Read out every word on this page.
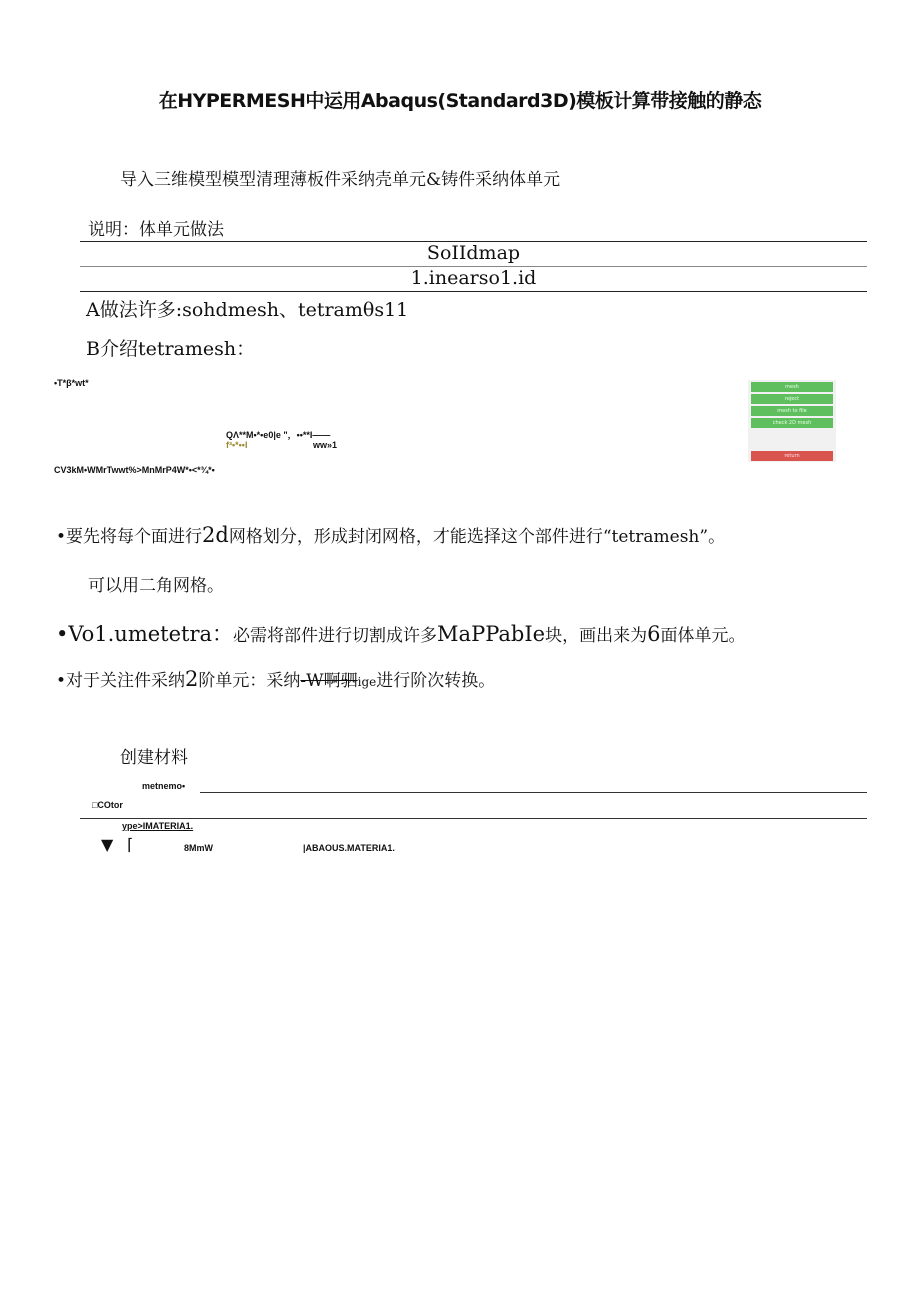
在HYPERMESH中运用Abaqus(Standard3D)模板计算带接触的静态
导入三维模型模型清理薄板件采纳壳单元&铸件采纳体单元
说明：体单元做法
SoIIdmap
1.inearso1.id
A做法许多:sohdmesh、tetramθs11
B介绍tetramesh：
•T*β*wt*
QΛ**M•*•e0|e "，••**I——
f³•*••I	ww»1
CV3kM•WMrTwwt%>MnMrP4W*•<*¾*•
mesh
reject
mesh to file
check 2D mesh
return
•要先将每个面进行2d网格划分，形成封闭网格，才能选择这个部件进行“tetramesh”。
可以用二角网格。
•Vo1.umetetra：必需将部件进行切割成许多MaPPabIe块，画出来为6面体单元。
•对于关注件采纳2阶单元：采纳-W啊驷ige进行阶次转换。
创建材料
metnemo•
□COtor
ype>IMATERIA1.
▼ ⌈	8MmW	|ABAOUS.MATERIA1.
